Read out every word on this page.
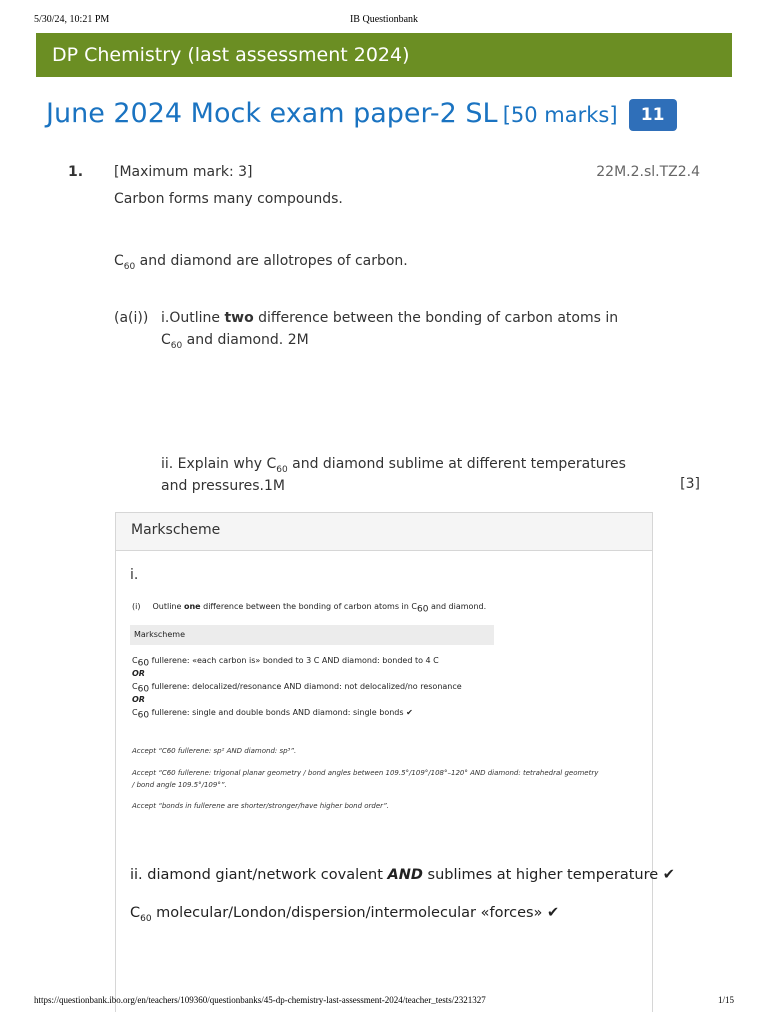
5/30/24, 10:21 PM	IB Questionbank
DP Chemistry (last assessment 2024)
June 2024 Mock exam paper-2 SL [50 marks] 11
1. [Maximum mark: 3]	22M.2.sl.TZ2.4
Carbon forms many compounds.
$C_{60}$ and diamond are allotropes of carbon.
(a(i)) i.Outline two difference between the bonding of carbon atoms in
$C_{60}$ and diamond. 2M
ii. Explain why $C_{60}$ and diamond sublime at different temperatures
and pressures.1M	[3]
Markscheme
i.
(i) Outline one difference between the bonding of carbon atoms in $C_{60}$ and diamond.
Markscheme
$C_{60}$ fullerene: «each carbon is» bonded to 3 C AND diamond: bonded to 4 C
OR
$C_{60}$ fullerene: delocalized/resonance AND diamond: not delocalized/no resonance
OR
$C_{60}$ fullerene: single and double bonds AND diamond: single bonds ✔
Accept “C60 fullerene: sp² AND diamond: sp³”.
Accept “C60 fullerene: trigonal planar geometry / bond angles between 109.5°/109°/108°–120° AND diamond: tetrahedral geometry
/ bond angle 109.5°/109°”.
Accept “bonds in fullerene are shorter/stronger/have higher bond order”.
ii. diamond giant/network covalent AND sublimes at higher temperature ✔
$C_{60}$ molecular/London/dispersion/intermolecular «forces» ✔
https://questionbank.ibo.org/en/teachers/109360/questionbanks/45-dp-chemistry-last-assessment-2024/teacher_tests/2321327	1/15
